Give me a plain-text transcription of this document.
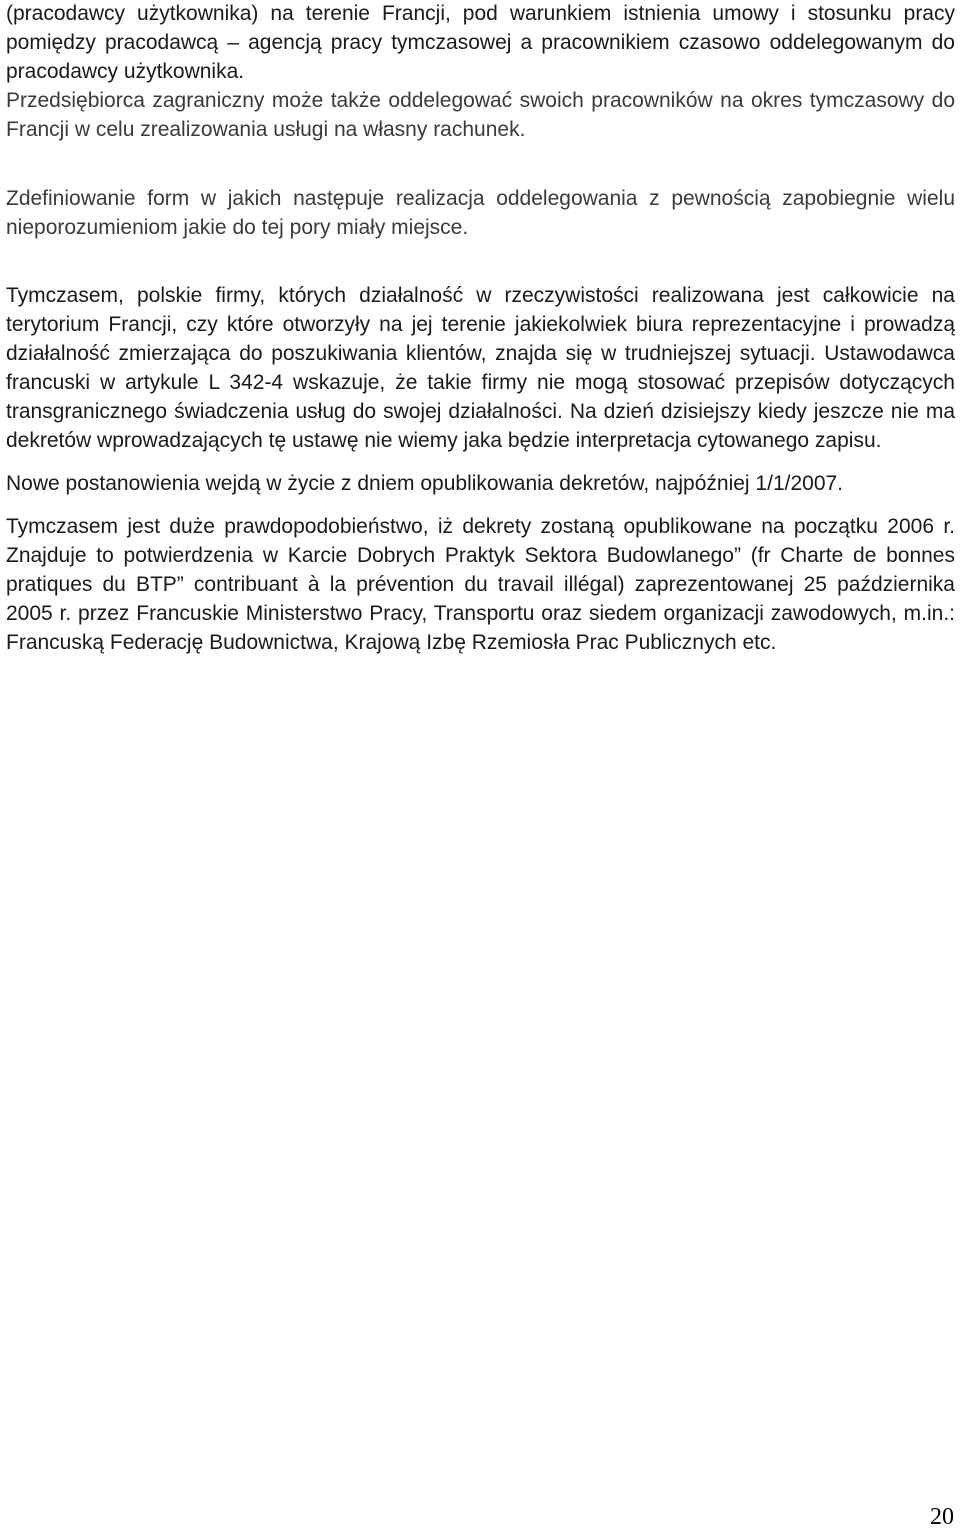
(pracodawcy użytkownika) na terenie Francji, pod warunkiem istnienia umowy i stosunku pracy pomiędzy pracodawcą – agencją pracy tymczasowej a pracownikiem czasowo oddelegowanym do pracodawcy użytkownika.

Przedsiębiorca zagraniczny może także oddelegować swoich pracowników na okres tymczasowy do Francji w celu zrealizowania usługi na własny rachunek.

Zdefiniowanie form w jakich następuje realizacja oddelegowania z pewnością zapobiegnie wielu nieporozumieniom jakie do tej pory miały miejsce.

Tymczasem, polskie firmy, których działalność w rzeczywistości realizowana jest całkowicie na terytorium Francji, czy które otworzyły na jej terenie jakiekolwiek biura reprezentacyjne i prowadzą działalność zmierzająca do poszukiwania klientów, znajda się w trudniejszej sytuacji. Ustawodawca francuski w artykule L 342-4 wskazuje, że takie firmy nie mogą stosować przepisów dotyczących transgranicznego świadczenia usług do swojej działalności. Na dzień dzisiejszy kiedy jeszcze nie ma dekretów wprowadzających tę ustawę nie wiemy jaka będzie interpretacja cytowanego zapisu.

Nowe postanowienia wejdą w życie z dniem opublikowania dekretów, najpóźniej 1/1/2007.

Tymczasem jest duże prawdopodobieństwo, iż dekrety zostaną opublikowane na początku 2006 r. Znajduje to potwierdzenia w Karcie Dobrych Praktyk Sektora Budowlanego” (fr Charte de bonnes pratiques du BTP” contribuant à la prévention du travail illégal) zaprezentowanej 25 października 2005 r. przez Francuskie Ministerstwo Pracy, Transportu oraz siedem organizacji zawodowych, m.in.: Francuską Federację Budownictwa, Krajową Izbę Rzemiosła Prac Publicznych etc.

20
